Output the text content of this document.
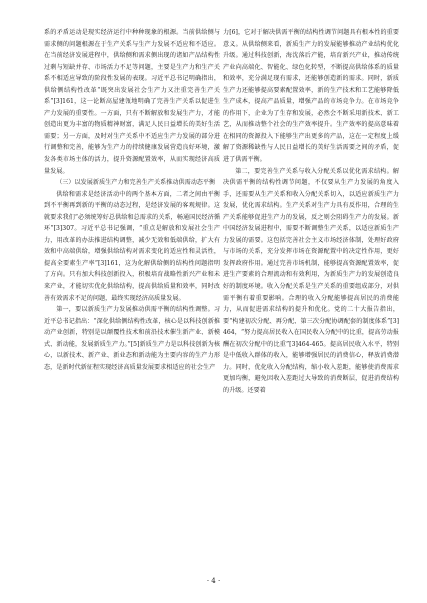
系的矛盾运动是现实经济运行中种种现象的根源。当前供给侧与需求侧的问题根源在于生产关系与生产力发展不适应和不适应。在当前经济发展进程中，供给侧和需求侧出现的诸如产品结构性过剩与短缺并存、市场活力不足等问题，主要是生产力和生产关系不相适应导致的阶段性发展的表现。习近平总书记明确指出，供给侧结构性改革“既突出发展社会生产力又注重完善生产关系”[3]161，这一论断高屋建瓴地明确了完善生产关系以促进生产力发展的重要性。一方面，只有不断解放和发展生产力，才能创造出更为丰富的物质精神财富，满足人民日益增长的美好生活需要；另一方面，及时对生产关系中不适应生产力发展的部分进行调整和完善，能够为生产力的持续健康发展营造良好环境，激发各类市场主体的活力，提升资源配置效率，从而实现经济高质量发展。

（三）以发展新质生产力和完善生产关系推动供需动态平衡

供给和需求是经济活动中的两个基本方面，二者之间由平衡到不平衡再到新的平衡的动态过程，是经济发展的客观规律。这就要求我们“必须统筹好总供给和总需求的关系，畅通国民经济循环”[3]307。习近平总书记强调，“重点是解放和发展社会生产力，用改革的办法推进结构调整，减少无效和低端供给，扩大有效和中高端供给，增强供给结构对需求变化的适应性和灵活性，提高全要素生产率”[3]161，这为化解供给侧的结构性问题指明了方向。只有加大科技创新投入，积极培育战略性新兴产业和未来产业，才能切实优化供给结构，提高供给质量和效率，同时改善有效需求不足的问题，最终实现经济高质量发展。

第一，要以新质生产力发展推动供需平衡的结构性调整。习近平总书记指出：“深化供给侧结构性改革，核心是以科技创新推动产业创新，特别是以颠覆性技术和前沿技术催生新产业、新模式、新动能，发展新质生产力。”[5]新质生产力是以科技创新为核心，以新技术、新产业、新业态和新动能为主要内容的生产力形态，是新时代新征程实现经济高质量发展要求相适应的社会生产

力[6]，它对于解决供需平衡的结构性调节问题具有根本性的重要意义。从供给侧来看，新质生产力的发展能够推动产业结构优化升级。通过科技创新，海沈落后产能，培育新兴产业，推动传统产业向高端化、智能化、绿色化转型，不断提高供给体系的质量和效率，充分满足现有需求，还能够创造新的需求。同时，新质生产力还能够提高要素配置效率，新的生产技术和工艺能够降低生产成本，提高产品质量，增强产品的市场竞争力。在市场竞争的作用下，企业为了生存和发展，必然会不断采用新技术、新工艺，从而推动整个社会的生产效率提升。生产效率的提高意味着在相同的资源投入下能够生产出更多的产品，这在一定程度上缓解了资源稀缺性与人民日益增长的美好生活需要之间的矛盾，促进了供需平衡。

第二，要完善生产关系与收入分配关系以优化需求结构。解决供需平衡的结构性调节问题，不仅要从生产力发展的角度入手，还需要从生产关系和收入分配关系切入，以适应新质生产力发展，优化需求结构。生产关系对生产力具有反作用，合理的生产关系能够促进生产力的发展，反之则会阻碍生产力的发展。新中国经济发展进程中，需要不断调整生产关系，以适应新质生产力发展的需要。这包括完善社会主义市场经济体制，处理好政府与市场的关系，充分发挥市场在资源配置中的决定性作用，更好发挥政府作用。通过完善市场机制，能够提高资源配置效率，促进生产要素的合理流动和有效利用，为新质生产力的发展创造良好的制度环境。收入分配关系是生产关系的重要组成部分，对供需平衡有着重要影响。合理的收入分配能够提高居民的消费能力，从而促进需求结构的提升和优化。党的二十大报告指出，要“构建初次分配、再分配、第三次分配协调配套的制度体系”[3]464，“努力提高居民收入在国民收入分配中的比重，提高劳动报酬在初次分配中的比重”[3]464-465。提高居民收入水平，特别是中低收入群体的收入，能够增强居民的消费信心，释放消费潜力。同时，优化收入分配结构，缩小收入差距，能够使消费需求更加均衡，避免因收入差距过大导致的消费断层，促进消费结构的升级。还要着

· 4 ·
